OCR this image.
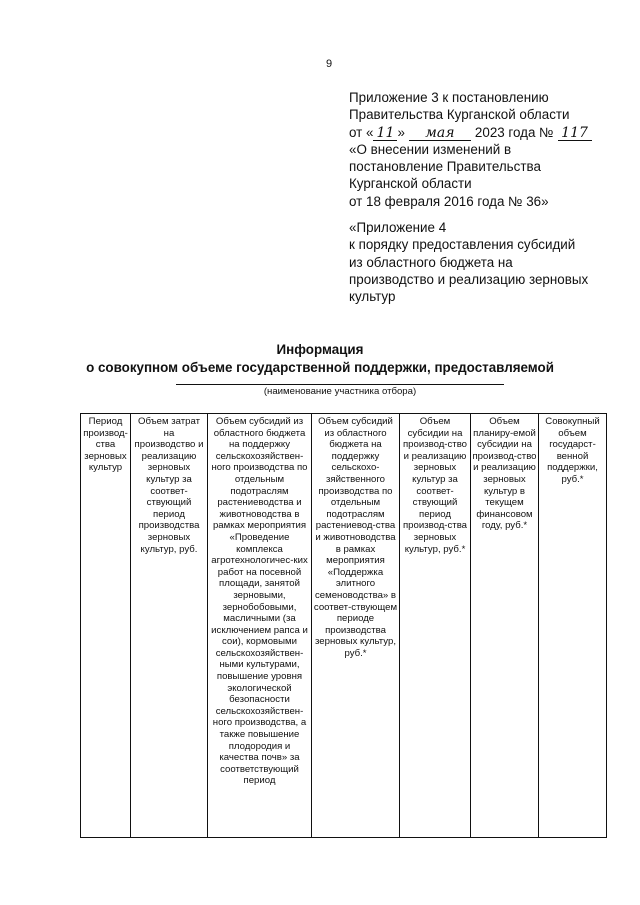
9
Приложение 3 к постановлению
Правительства Курганской области
от « 11 » мая 2023 года № 117
«О внесении изменений в
постановление Правительства
Курганской области
от 18 февраля 2016 года № 36»
«Приложение 4
к порядку предоставления субсидий
из областного бюджета на
производство и реализацию зерновых
культур
Информация
о совокупном объеме государственной поддержки, предоставляемой
(наименование участника отбора)
Период производ-ства зерновых культур	Объем затрат на производство и реализацию зерновых культур за соответ-ствующий период производства зерновых культур, руб.	Объем субсидий из областного бюджета на поддержку сельскохозяйствен-ного производства по отдельным подотраслям растениеводства и животноводства в рамках мероприятия «Проведение комплекса агротехнологичес-ких работ на посевной площади, занятой зерновыми, зернобобовыми, масличными (за исключением рапса и сои), кормовыми сельскохозяйствен-ными культурами, повышение уровня экологической безопасности сельскохозяйствен-ного производства, а также повышение плодородия и качества почв» за соответствующий период	Объем субсидий из областного бюджета на поддержку сельскохо-зяйственного производства по отдельным подотраслям растениевод-ства и животноводства в рамках мероприятия «Поддержка элитного семеноводства» в соответ-ствующем периоде производства зерновых культур, руб.*	Объем субсидии на производ-ство и реализацию зерновых культур за соответ-ствующий период производ-ства зерновых культур, руб.*	Объем планиру-емой субсидии на производ-ство и реализацию зерновых культур в текущем финансовом году, руб.*	Совокупный объем государст-венной поддержки, руб.*
